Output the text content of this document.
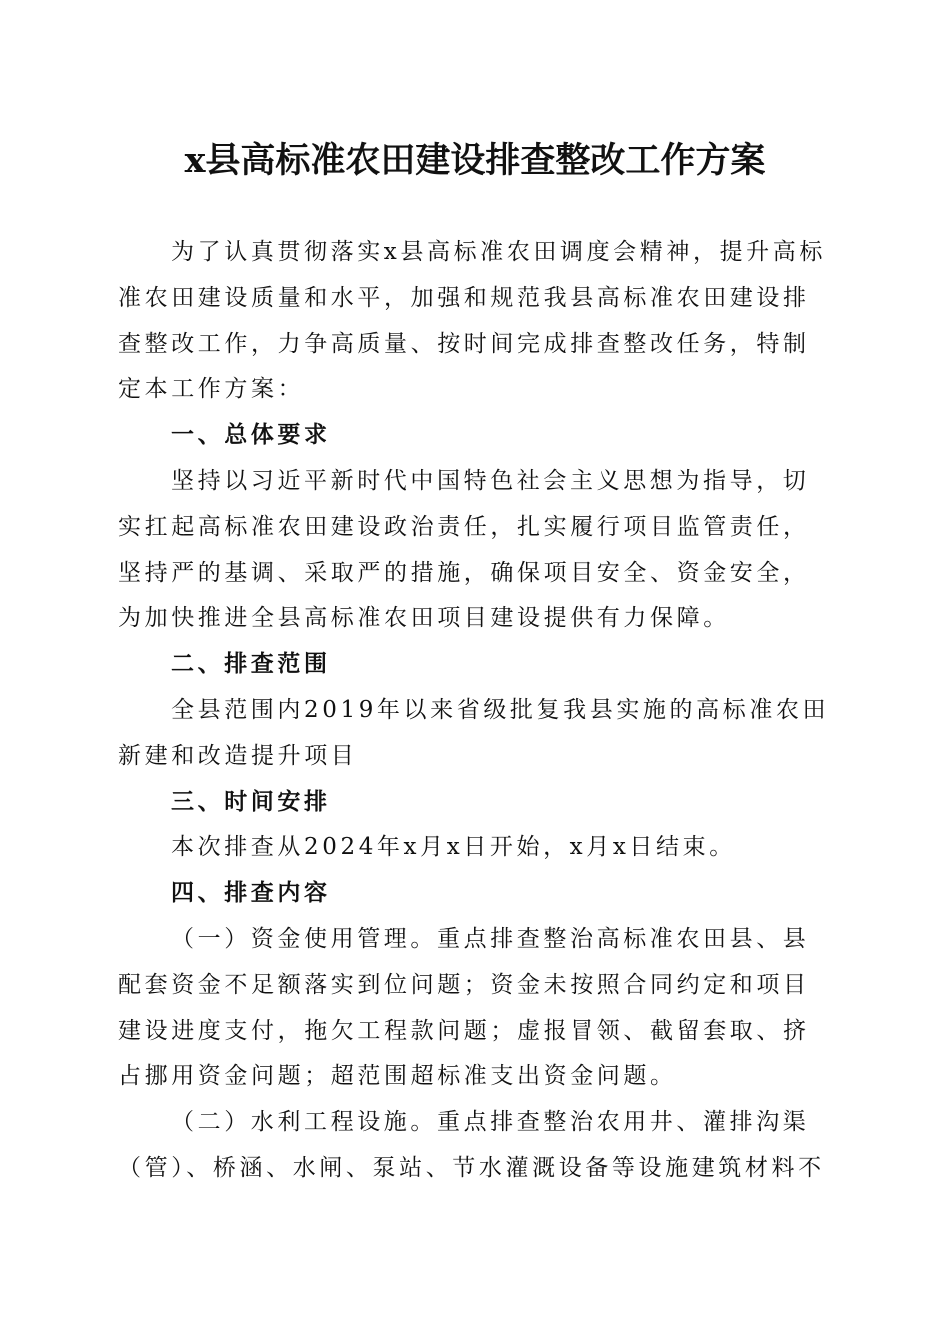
x县高标准农田建设排查整改工作方案

为了认真贯彻落实x县高标准农田调度会精神，提升高标准农田建设质量和水平，加强和规范我县高标准农田建设排查整改工作，力争高质量、按时间完成排查整改任务，特制定本工作方案：

一、总体要求

坚持以习近平新时代中国特色社会主义思想为指导，切实扛起高标准农田建设政治责任，扎实履行项目监管责任，坚持严的基调、采取严的措施，确保项目安全、资金安全，为加快推进全县高标准农田项目建设提供有力保障。

二、排查范围

全县范围内2019年以来省级批复我县实施的高标准农田新建和改造提升项目

三、时间安排

本次排查从2024年x月x日开始，x月x日结束。

四、排查内容

（一）资金使用管理。重点排查整治高标准农田县、县配套资金不足额落实到位问题；资金未按照合同约定和项目建设进度支付，拖欠工程款问题；虚报冒领、截留套取、挤占挪用资金问题；超范围超标准支出资金问题。

（二）水利工程设施。重点排查整治农用井、灌排沟渠（管）、桥涵、水闸、泵站、节水灌溉设备等设施建筑材料不
